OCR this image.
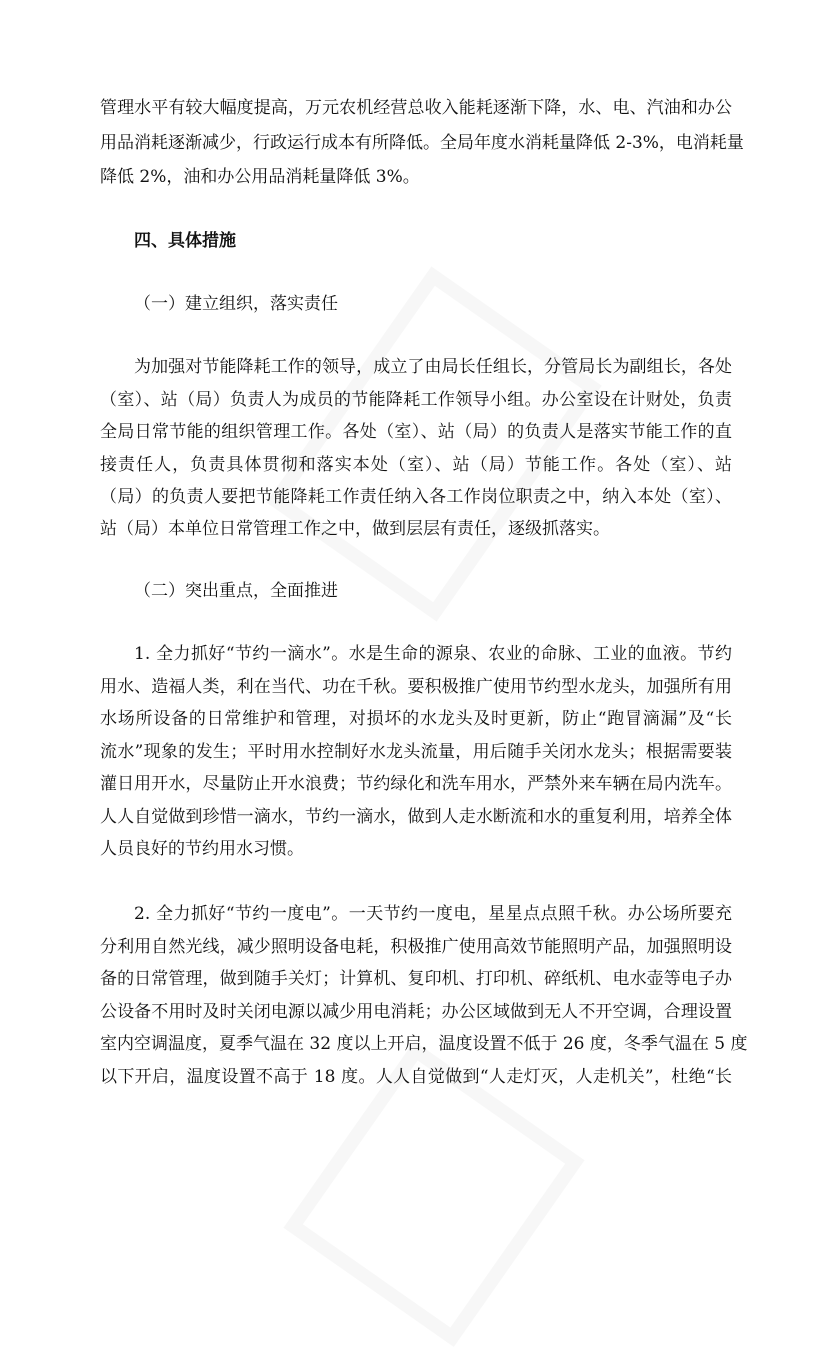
管理水平有较大幅度提高，万元农机经营总收入能耗逐渐下降，水、电、汽油和办公
用品消耗逐渐减少，行政运行成本有所降低。全局年度水消耗量降低 2-3%，电消耗量
降低 2%，油和办公用品消耗量降低 3%。
四、具体措施
（一）建立组织，落实责任
为加强对节能降耗工作的领导，成立了由局长任组长，分管局长为副组长，各处
（室）、站（局）负责人为成员的节能降耗工作领导小组。办公室设在计财处，负责
全局日常节能的组织管理工作。各处（室）、站（局）的负责人是落实节能工作的直
接责任人，负责具体贯彻和落实本处（室）、站（局）节能工作。各处（室）、站
（局）的负责人要把节能降耗工作责任纳入各工作岗位职责之中，纳入本处（室）、
站（局）本单位日常管理工作之中，做到层层有责任，逐级抓落实。
（二）突出重点，全面推进
1. 全力抓好“节约一滴水”。水是生命的源泉、农业的命脉、工业的血液。节约
用水、造福人类，利在当代、功在千秋。要积极推广使用节约型水龙头，加强所有用
水场所设备的日常维护和管理，对损坏的水龙头及时更新，防止“跑冒滴漏”及“长
流水”现象的发生；平时用水控制好水龙头流量，用后随手关闭水龙头；根据需要装
灌日用开水，尽量防止开水浪费；节约绿化和洗车用水，严禁外来车辆在局内洗车。
人人自觉做到珍惜一滴水，节约一滴水，做到人走水断流和水的重复利用，培养全体
人员良好的节约用水习惯。
2. 全力抓好“节约一度电”。一天节约一度电，星星点点照千秋。办公场所要充
分利用自然光线，减少照明设备电耗，积极推广使用高效节能照明产品，加强照明设
备的日常管理，做到随手关灯；计算机、复印机、打印机、碎纸机、电水壶等电子办
公设备不用时及时关闭电源以减少用电消耗；办公区域做到无人不开空调，合理设置
室内空调温度，夏季气温在 32 度以上开启，温度设置不低于 26 度，冬季气温在 5 度
以下开启，温度设置不高于 18 度。人人自觉做到“人走灯灭，人走机关”，杜绝“长
